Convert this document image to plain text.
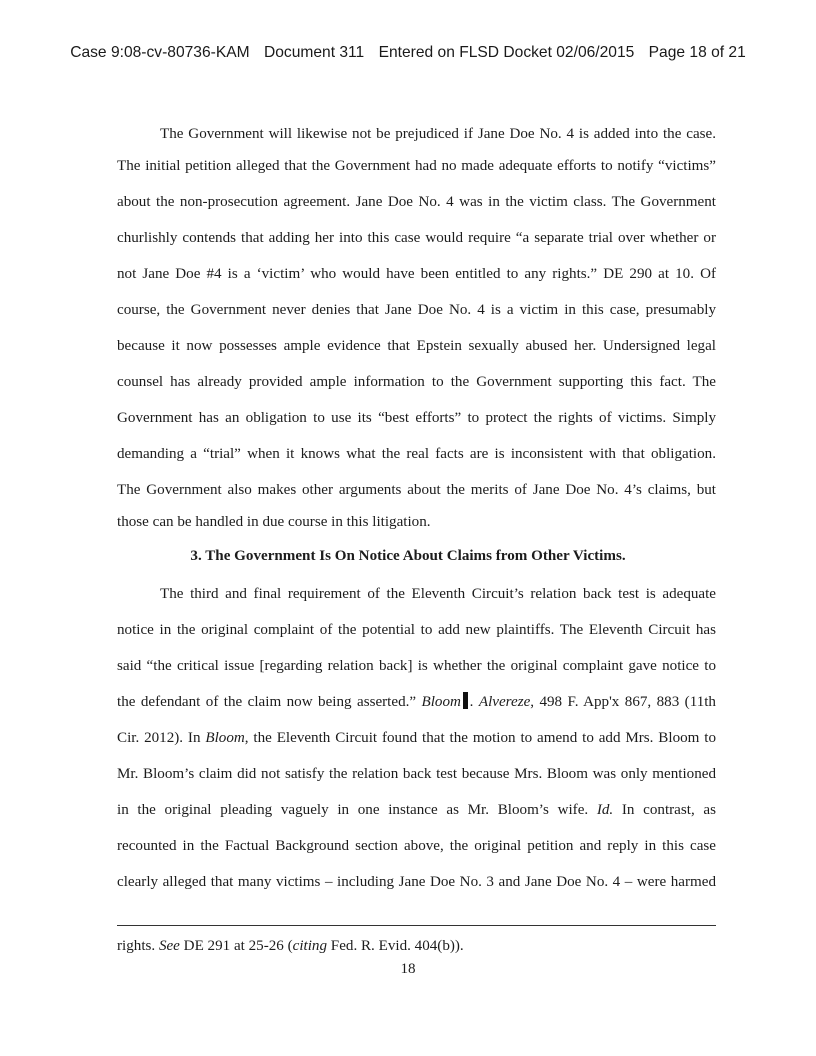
Case 9:08-cv-80736-KAM Document 311 Entered on FLSD Docket 02/06/2015 Page 18 of 21
The Government will likewise not be prejudiced if Jane Doe No. 4 is added into the case.
The initial petition alleged that the Government had no made adequate efforts to notify “victims”
about the non-prosecution agreement. Jane Doe No. 4 was in the victim class. The Government
churlishly contends that adding her into this case would require “a separate trial over whether or
not Jane Doe #4 is a ‘victim’ who would have been entitled to any rights.” DE 290 at 10. Of
course, the Government never denies that Jane Doe No. 4 is a victim in this case, presumably
because it now possesses ample evidence that Epstein sexually abused her. Undersigned legal
counsel has already provided ample information to the Government supporting this fact. The
Government has an obligation to use its “best efforts” to protect the rights of victims. Simply
demanding a “trial” when it knows what the real facts are is inconsistent with that obligation.
The Government also makes other arguments about the merits of Jane Doe No. 4’s claims, but
those can be handled in due course in this litigation.
3. The Government Is On Notice About Claims from Other Victims.
The third and final requirement of the Eleventh Circuit’s relation back test is adequate
notice in the original complaint of the potential to add new plaintiffs. The Eleventh Circuit has
said “the critical issue [regarding relation back] is whether the original complaint gave notice to
the defendant of the claim now being asserted.” Bloom . Alvereze, 498 F. App'x 867, 883 (11th
Cir. 2012). In Bloom, the Eleventh Circuit found that the motion to amend to add Mrs. Bloom to
Mr. Bloom’s claim did not satisfy the relation back test because Mrs. Bloom was only mentioned
in the original pleading vaguely in one instance as Mr. Bloom’s wife. Id. In contrast, as
recounted in the Factual Background section above, the original petition and reply in this case
clearly alleged that many victims – including Jane Doe No. 3 and Jane Doe No. 4 – were harmed
rights. See DE 291 at 25-26 (citing Fed. R. Evid. 404(b)).
18
